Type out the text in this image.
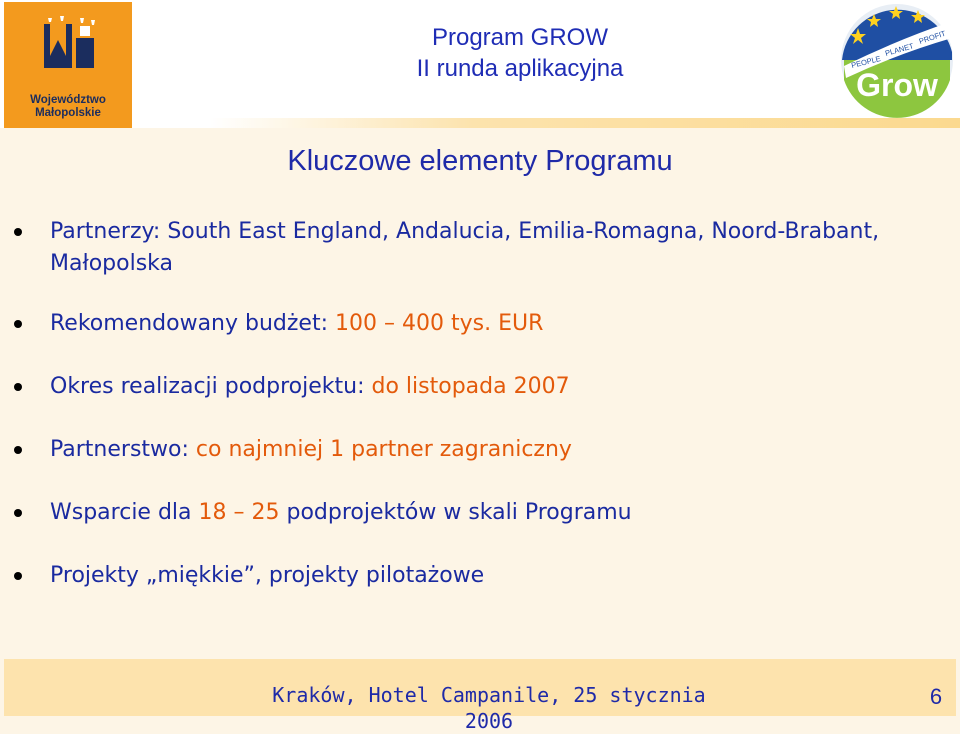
Województwo
Małopolskie
Program GROW
II runda aplikacyjna	PEOPLE
PLANET
PROFIT
Grow
Kluczowe elementy Programu
Partnerzy: South East England, Andalucia, Emilia-Romagna, Noord-Brabant, Małopolska
Rekomendowany budżet: 100 – 400 tys. EUR
Okres realizacji podprojektu: do listopada 2007
Partnerstwo: co najmniej 1 partner zagraniczny
Wsparcie dla 18 – 25 podprojektów w skali Programu
Projekty „miękkie”, projekty pilotażowe
Kraków, Hotel Campanile, 25 stycznia 2006
6
